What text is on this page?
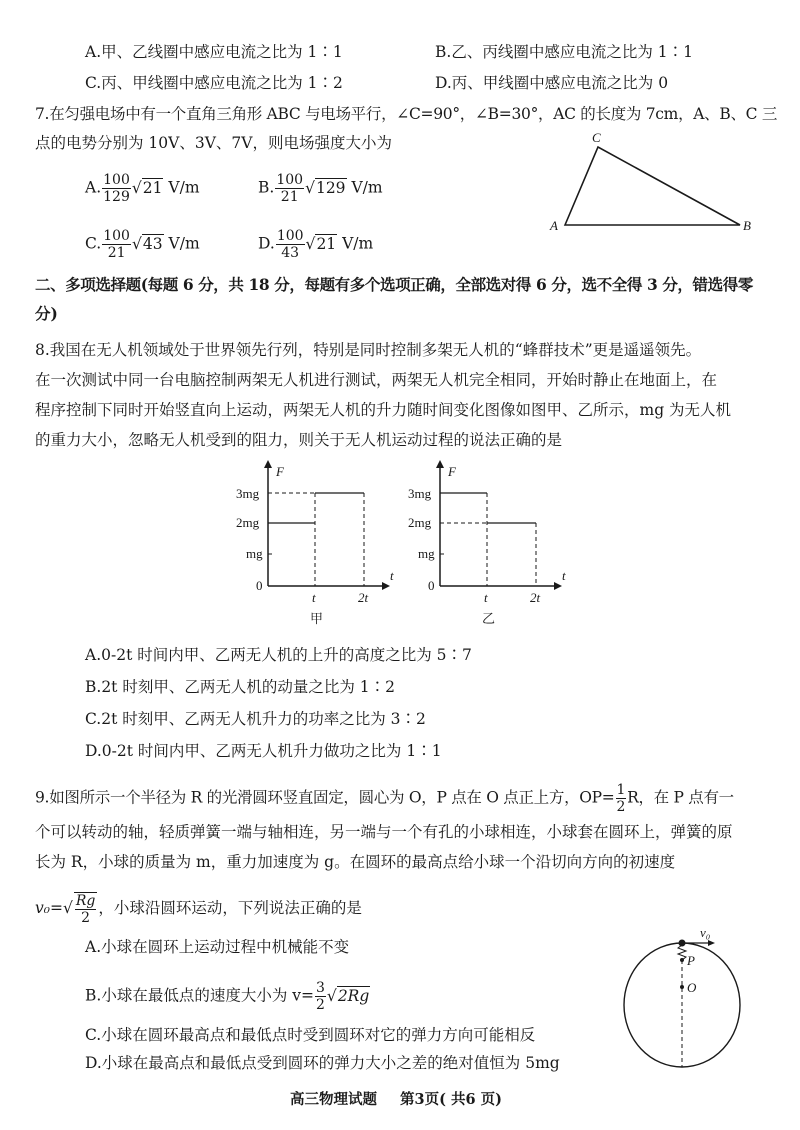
A.甲、乙线圈中感应电流之比为 1∶1	B.乙、丙线圈中感应电流之比为 1∶1
C.丙、甲线圈中感应电流之比为 1∶2	D.丙、甲线圈中感应电流之比为 0
7.在匀强电场中有一个直角三角形 ABC 与电场平行，∠C=90°，∠B=30°，AC 的长度为 7cm，A、B、C 三
点的电势分别为 10V、3V、7V，则电场强度大小为
A. $\frac{100}{129} √21$ V/m	B. $\frac{100}{21} √129$ V/m
C. $\frac{100}{21} √43$ V/m	D. $\frac{100}{43} √21$ V/m
A
C
B
二、多项选择题(每题 6 分，共 18 分，每题有多个选项正确，全部选对得 6 分，选不全得 3 分，错选得零
分)
8.我国在无人机领域处于世界领先行列，特别是同时控制多架无人机的“蜂群技术”更是遥遥领先。
在一次测试中同一台电脑控制两架无人机进行测试，两架无人机完全相同，开始时静止在地面上，在
程序控制下同时开始竖直向上运动，两架无人机的升力随时间变化图像如图甲、乙所示，mg 为无人机
的重力大小，忽略无人机受到的阻力，则关于无人机运动过程的说法正确的是
F
t
3mg
2mg
mg
0
t	2t
甲
F
t
3mg
2mg
mg
0
t	2t
乙
A.0-2t 时间内甲、乙两无人机的上升的高度之比为 5∶7
B.2t 时刻甲、乙两无人机的动量之比为 1∶2
C.2t 时刻甲、乙两无人机升力的功率之比为 3∶2
D.0-2t 时间内甲、乙两无人机升力做功之比为 1∶1
9.如图所示一个半径为 R 的光滑圆环竖直固定，圆心为 O，P 点在 O 点正上方，$OP= \frac{1}{2}$ R，在 P 点有一
个可以转动的轴，轻质弹簧一端与轴相连，另一端与一个有孔的小球相连，小球套在圆环上，弹簧的原
长为 R，小球的质量为 m，重力加速度为 g。在圆环的最高点给小球一个沿切向方向的初速度
$v_0=√ \frac{Rg}{2}$ ，小球沿圆环运动，下列说法正确的是
A.小球在圆环上运动过程中机械能不变
B.小球在最低点的速度大小为 $v= \frac{3}{2} √2Rg$
C.小球在圆环最高点和最低点时受到圆环对它的弹力方向可能相反
D.小球在最高点和最低点受到圆环的弹力大小之差的绝对值恒为 5mg
v₀
P
O
高三物理试题 第3页( 共6 页)
